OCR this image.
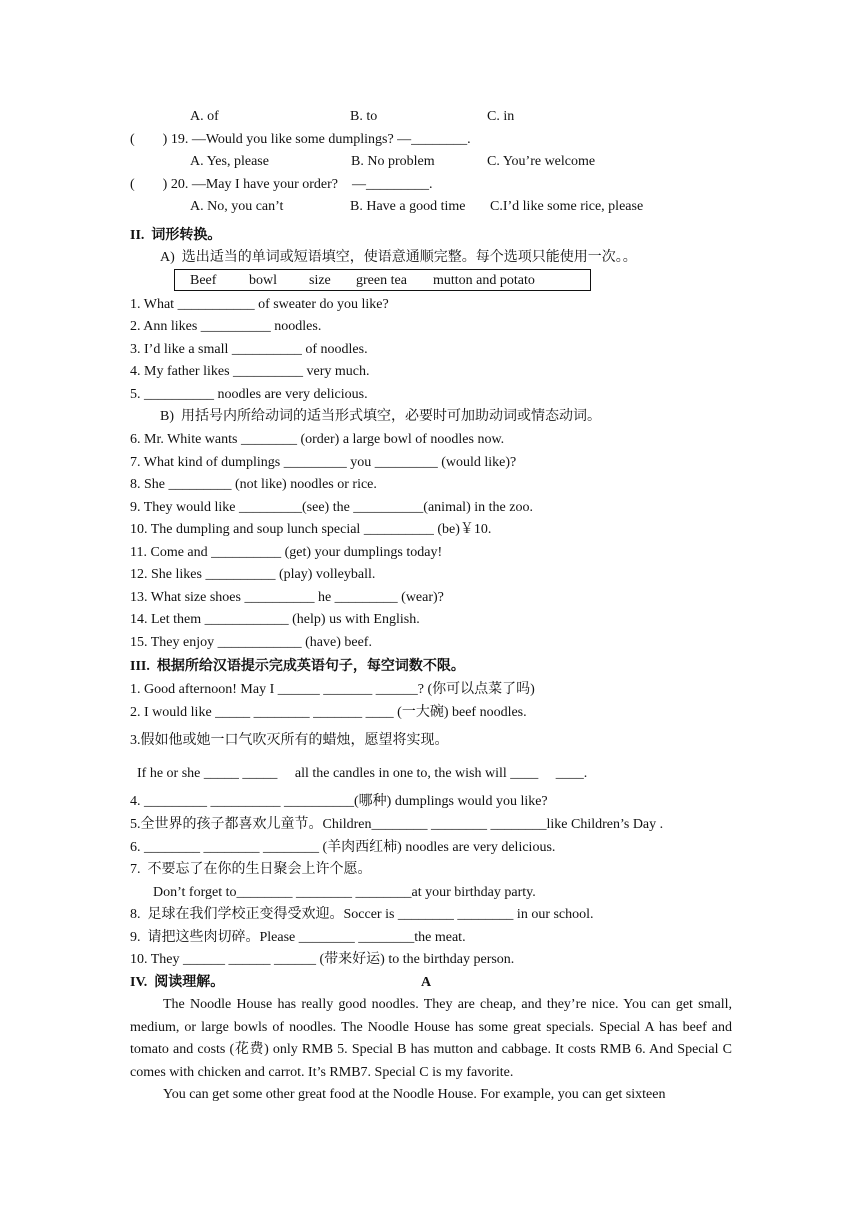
A. of	B. to	C. in
(        ) 19. —Would you like some dumplings? —________.
A. Yes, please	B. No problem	C. You’re welcome
(        ) 20. —May I have your order?    —_________.
A. No, you can’t	B. Have a good time C.I’d like some rice, please
II.  词形转换。
A)  选出适当的单词或短语填空，使语意通顺完整。每个选项只能使用一次。。
Beef bowl size green tea mutton and potato
1. What ___________ of sweater do you like?
2. Ann likes __________ noodles.
3. I’d like a small __________ of noodles.
4. My father likes __________ very much.
5. __________ noodles are very delicious.
B)  用括号内所给动词的适当形式填空，必要时可加助动词或情态动词。
6. Mr. White wants ________ (order) a large bowl of noodles now.
7. What kind of dumplings _________ you _________ (would like)?
8. She _________ (not like) noodles or rice.
9. They would like _________(see) the __________(animal) in the zoo.
10. The dumpling and soup lunch special __________ (be)￥10.
11. Come and __________ (get) your dumplings today!
12. She likes __________ (play) volleyball.
13. What size shoes __________ he _________ (wear)?
14. Let them ____________ (help) us with English.
15. They enjoy ____________ (have) beef.
III.  根据所给汉语提示完成英语句子，每空词数不限。
1. Good afternoon! May I ______ _______ ______? (你可以点菜了吗)
2. I would like _____ ________ _______ ____ (一大碗) beef noodles.
3.假如他或她一口气吹灭所有的蜡烛，愿望将实现。
If he or she _____ _____     all the candles in one to, the wish will ____     ____.
4. _________ __________ __________(哪种) dumplings would you like?
5.全世界的孩子都喜欢儿童节。Children________ ________ ________like Children’s Day .
6. ________ ________ ________ (羊肉西红柿) noodles are very delicious.
7.  不要忘了在你的生日聚会上许个愿。
Don’t forget to________ ________ ________at your birthday party.
8.  足球在我们学校正变得受欢迎。Soccer is ________ ________ in our school.
9.  请把这些肉切碎。Please ________ ________the meat.
10. They ______ ______ ______ (带来好运) to the birthday person.
IV.  阅读理解。	A
The Noodle House has really good noodles. They are cheap, and they’re nice. You can get small, medium, or large bowls of noodles. The Noodle House has some great specials. Special A has beef and tomato and costs (花费) only RMB 5. Special B has mutton and cabbage. It costs RMB 6. And Special C comes with chicken and carrot. It’s RMB7. Special C is my favorite.
You can get some other great food at the Noodle House. For example, you can get sixteen
